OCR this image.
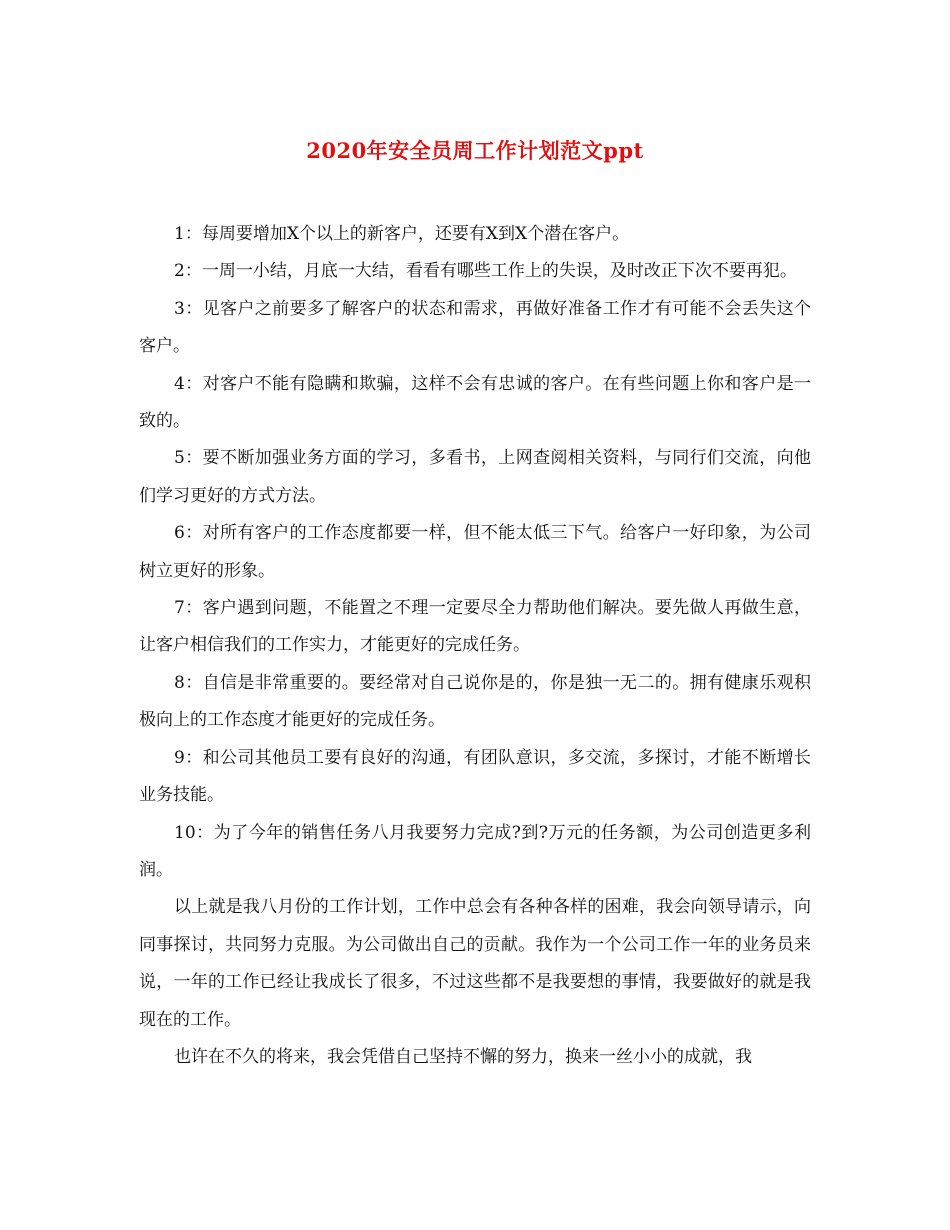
2020年安全员周工作计划范文ppt

1：每周要增加X个以上的新客户，还要有X到X个潜在客户。

2：一周一小结，月底一大结，看看有哪些工作上的失误，及时改正下次不要再犯。

3：见客户之前要多了解客户的状态和需求，再做好准备工作才有可能不会丢失这个客户。

4：对客户不能有隐瞒和欺骗，这样不会有忠诚的客户。在有些问题上你和客户是一致的。

5：要不断加强业务方面的学习，多看书，上网查阅相关资料，与同行们交流，向他们学习更好的方式方法。

6：对所有客户的工作态度都要一样，但不能太低三下气。给客户一好印象，为公司树立更好的形象。

7：客户遇到问题，不能置之不理一定要尽全力帮助他们解决。要先做人再做生意，让客户相信我们的工作实力，才能更好的完成任务。

8：自信是非常重要的。要经常对自己说你是的，你是独一无二的。拥有健康乐观积极向上的工作态度才能更好的完成任务。

9：和公司其他员工要有良好的沟通，有团队意识，多交流，多探讨，才能不断增长业务技能。

10：为了今年的销售任务八月我要努力完成?到?万元的任务额，为公司创造更多利润。

以上就是我八月份的工作计划，工作中总会有各种各样的困难，我会向领导请示，向同事探讨，共同努力克服。为公司做出自己的贡献。我作为一个公司工作一年的业务员来说，一年的工作已经让我成长了很多，不过这些都不是我要想的事情，我要做好的就是我现在的工作。

也许在不久的将来，我会凭借自己坚持不懈的努力，换来一丝小小的成就，我
